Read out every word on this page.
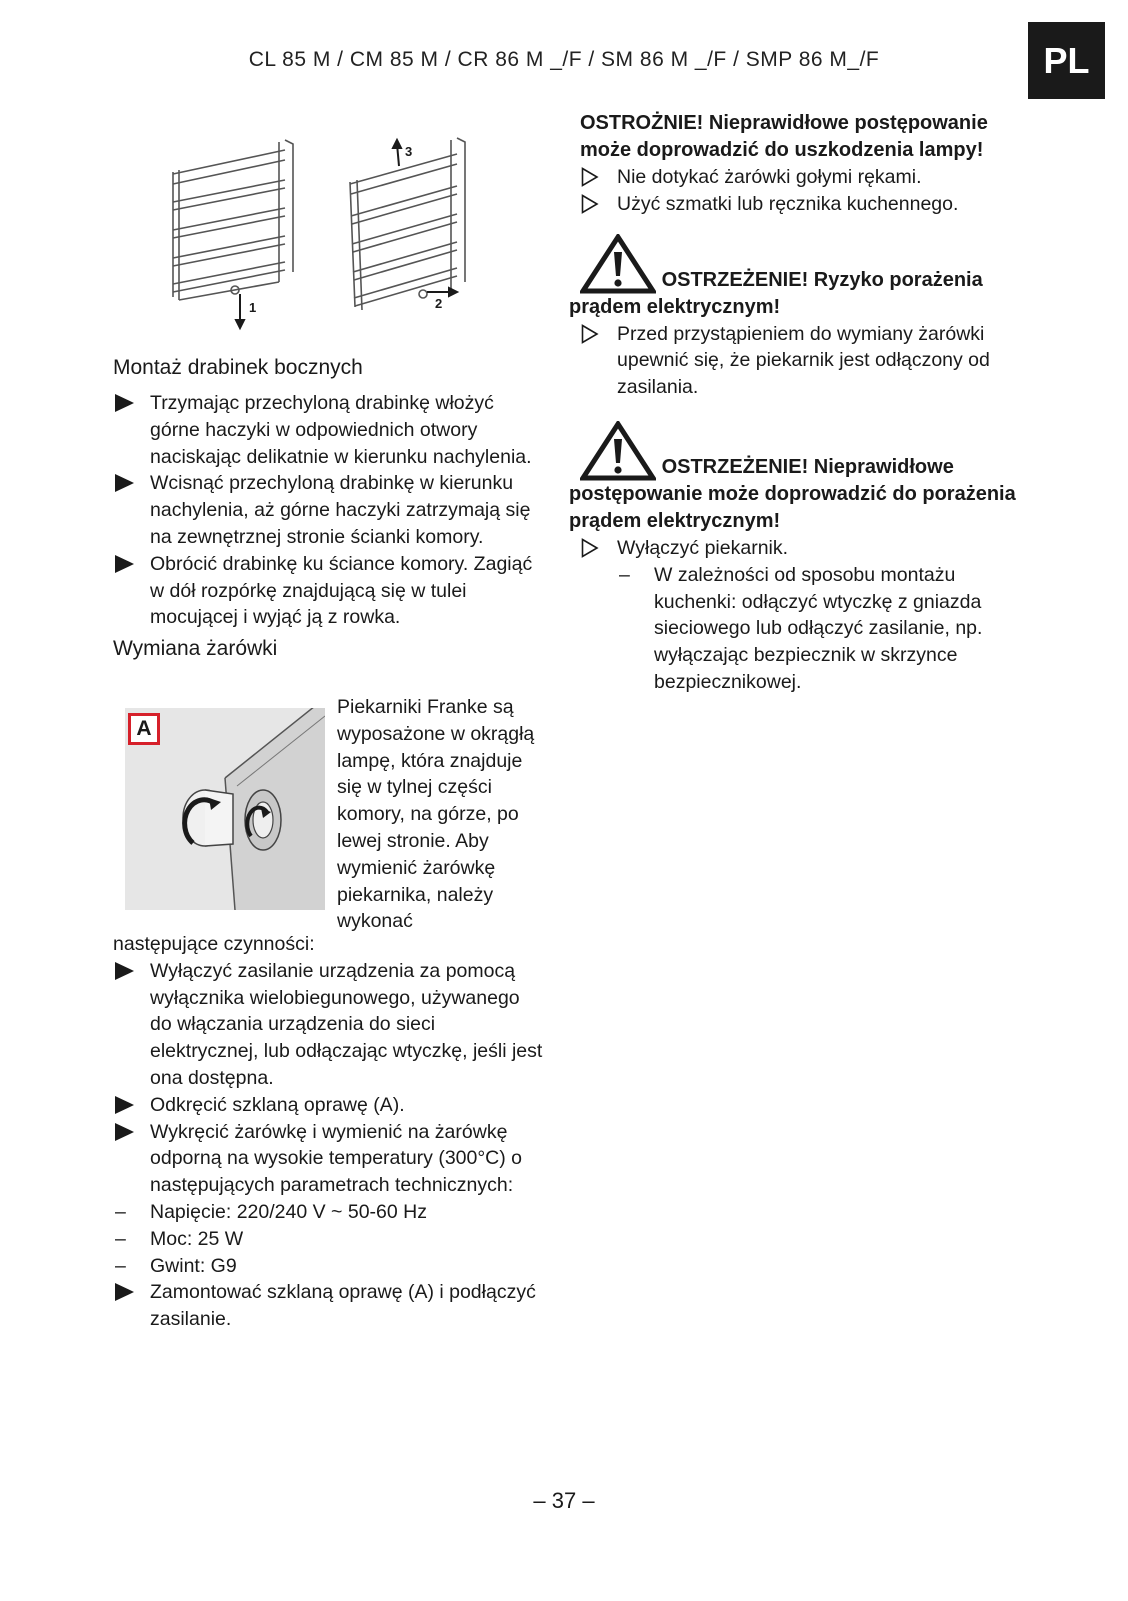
CL 85 M / CM 85 M / CR 86 M _/F / SM 86 M _/F / SMP 86 M_/F	PL
1	2
3
Montaż drabinek bocznych
Trzymając przechyloną drabinkę włożyć górne haczyki w odpowiednich otwory naciskając delikatnie w kierunku nachylenia.
Wcisnąć przechyloną drabinkę w kierunku nachylenia, aż górne haczyki zatrzymają się na zewnętrznej stronie ścianki komory.
Obrócić drabinkę ku ściance komory. Zagiąć w dół rozpórkę znajdującą się w tulei mocującej i wyjąć ją z rowka.
Wymiana żarówki
A
Piekarniki Franke są wyposażone w okrągłą lampę, która znajduje się w tylnej części komory, na górze, po lewej stronie. Aby wymienić żarówkę piekarnika, należy wykonać
następujące czynności:
Wyłączyć zasilanie urządzenia za pomocą wyłącznika wielobiegunowego, używanego do włączania urządzenia do sieci elektrycznej, lub odłączając wtyczkę, jeśli jest ona dostępna.
Odkręcić szklaną oprawę (A).
Wykręcić żarówkę i wymienić na żarówkę odporną na wysokie temperatury (300°C) o następujących parametrach technicznych:
–	Napięcie: 220/240 V ~ 50-60 Hz
–	Moc: 25 W
–	Gwint: G9
Zamontować szklaną oprawę (A) i podłączyć zasilanie.
OSTROŻNIE! Nieprawidłowe postępowanie może doprowadzić do uszkodzenia lampy!
Nie dotykać żarówki gołymi rękami.
Użyć szmatki lub ręcznika kuchennego.
OSTRZEŻENIE! Ryzyko porażenia
prądem elektrycznym!
Przed przystąpieniem do wymiany żarówki upewnić się, że piekarnik jest odłączony od zasilania.
OSTRZEŻENIE! Nieprawidłowe
postępowanie może doprowadzić do porażenia prądem elektrycznym!
Wyłączyć piekarnik.
–	W zależności od sposobu montażu kuchenki: odłączyć wtyczkę z gniazda sieciowego lub odłączyć zasilanie, np. wyłączając bezpiecznik w skrzynce bezpiecznikowej.
– 37 –
